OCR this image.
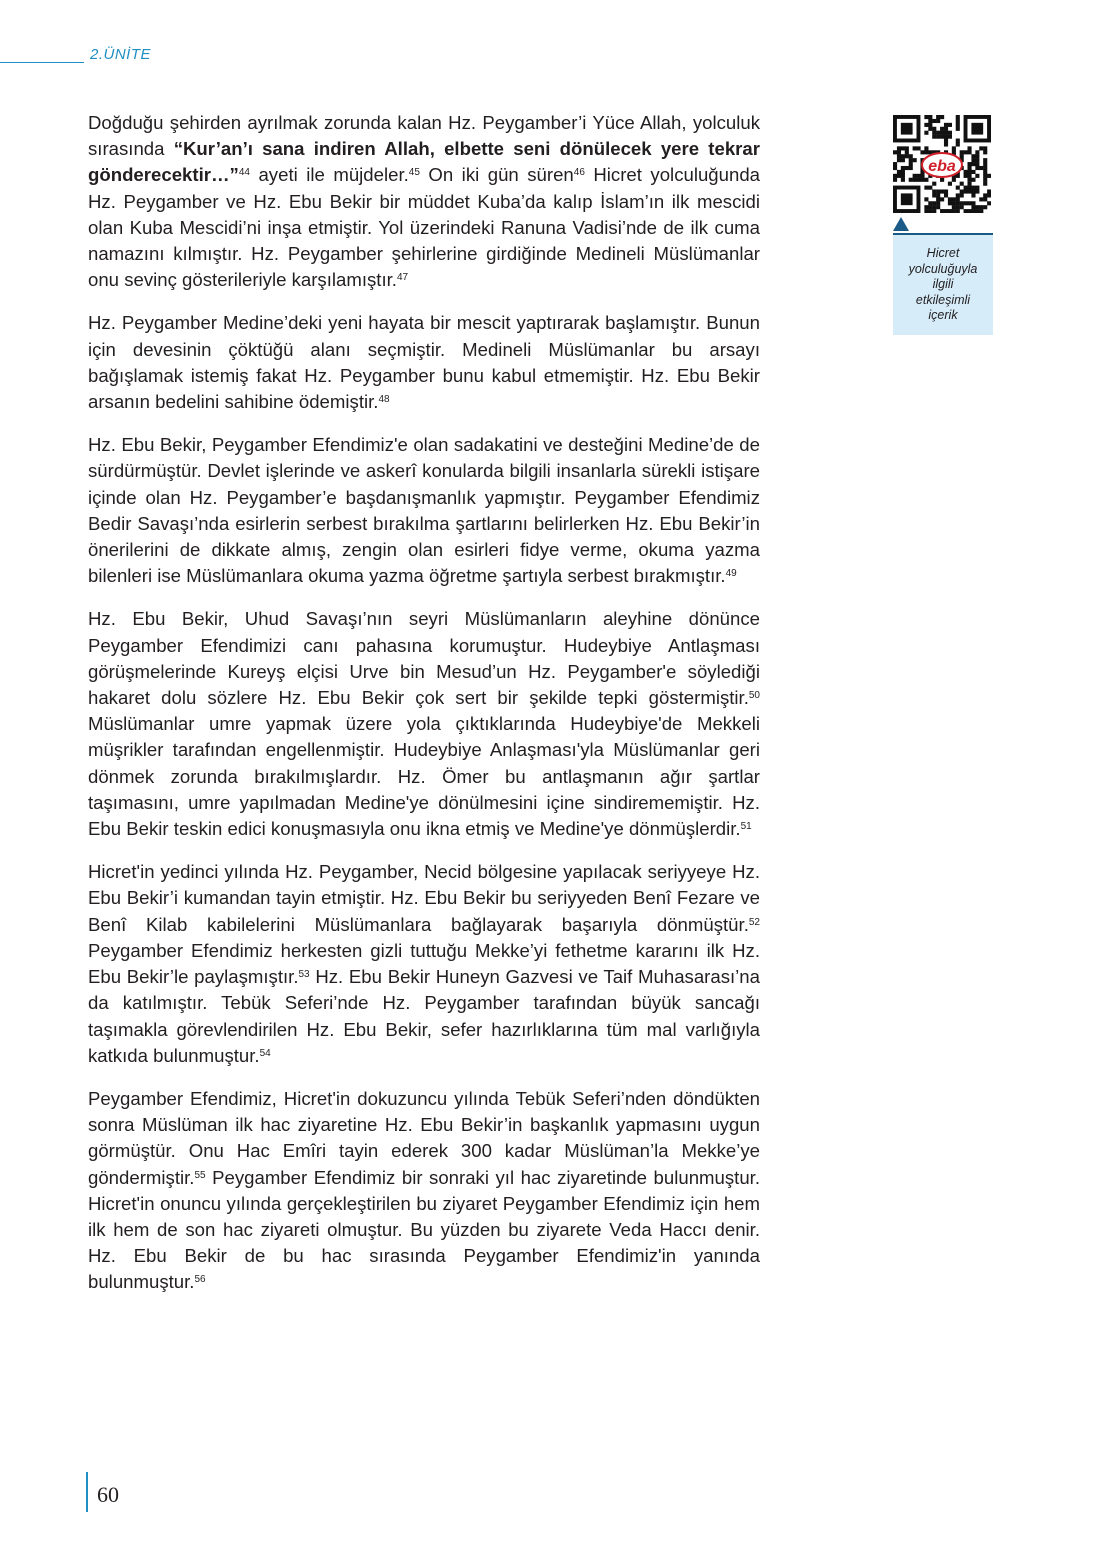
2.ÜNİTE

Doğduğu şehirden ayrılmak zorunda kalan Hz. Peygamber’i Yüce Allah, yolculuk sırasında “Kur’an’ı sana indiren Allah, elbette seni dönülecek yere tekrar gönderecektir…”$^{44}$ ayeti ile müjdeler.$^{45}$ On iki gün süren$^{46}$ Hicret yolculuğunda Hz. Peygamber ve Hz. Ebu Bekir bir müddet Kuba’da kalıp İslam’ın ilk mescidi olan Kuba Mescidi’ni inşa etmiştir. Yol üzerindeki Ranuna Vadisi’nde de ilk cuma namazını kılmıştır. Hz. Peygamber şehirlerine girdiğinde Medineli Müslümanlar onu sevinç gösterileriyle karşılamıştır.$^{47}$

Hz. Peygamber Medine’deki yeni hayata bir mescit yaptırarak başlamıştır. Bunun için devesinin çöktüğü alanı seçmiştir. Medineli Müslümanlar bu arsayı bağışlamak istemiş fakat Hz. Peygamber bunu kabul etmemiştir. Hz. Ebu Bekir arsanın bedelini sahibine ödemiştir.$^{48}$

Hz. Ebu Bekir, Peygamber Efendimiz'e olan sadakatini ve desteğini Medine’de de sürdürmüştür. Devlet işlerinde ve askerî konularda bilgili insanlarla sürekli istişare içinde olan Hz. Peygamber’e başdanışmanlık yapmıştır. Peygamber Efendimiz Bedir Savaşı’nda esirlerin serbest bırakılma şartlarını belirlerken Hz. Ebu Bekir’in önerilerini de dikkate almış, zengin olan esirleri fidye verme, okuma yazma bilenleri ise Müslümanlara okuma yazma öğretme şartıyla serbest bırakmıştır.$^{49}$

Hz. Ebu Bekir, Uhud Savaşı’nın seyri Müslümanların aleyhine dönünce Peygamber Efendimizi canı pahasına korumuştur. Hudeybiye Antlaşması görüşmelerinde Kureyş elçisi Urve bin Mesud’un Hz. Peygamber'e söylediği hakaret dolu sözlere Hz. Ebu Bekir çok sert bir şekilde tepki göstermiştir.$^{50}$ Müslümanlar umre yapmak üzere yola çıktıklarında Hudeybiye'de Mekkeli müşrikler tarafından engellenmiştir. Hudeybiye Anlaşması'yla Müslümanlar geri dönmek zorunda bırakılmışlardır. Hz. Ömer bu antlaşmanın ağır şartlar taşımasını, umre yapılmadan Medine'ye dönülmesini içine sindirememiştir. Hz. Ebu Bekir teskin edici konuşmasıyla onu ikna etmiş ve Medine'ye dönmüşlerdir.$^{51}$

Hicret'in yedinci yılında Hz. Peygamber, Necid bölgesine yapılacak seriyyeye Hz. Ebu Bekir’i kumandan tayin etmiştir. Hz. Ebu Bekir bu seriyyeden Benî Fezare ve Benî Kilab kabilelerini Müslümanlara bağlayarak başarıyla dönmüştür.$^{52}$ Peygamber Efendimiz herkesten gizli tuttuğu Mekke’yi fethetme kararını ilk Hz. Ebu Bekir’le paylaşmıştır.$^{53}$ Hz. Ebu Bekir Huneyn Gazvesi ve Taif Muhasarası’na da katılmıştır. Tebük Seferi’nde Hz. Peygamber tarafından büyük sancağı taşımakla görevlendirilen Hz. Ebu Bekir, sefer hazırlıklarına tüm mal varlığıyla katkıda bulunmuştur.$^{54}$

Peygamber Efendimiz, Hicret'in dokuzuncu yılında Tebük Seferi’nden döndükten sonra Müslüman ilk hac ziyaretine Hz. Ebu Bekir’in başkanlık yapmasını uygun görmüştür. Onu Hac Emîri tayin ederek 300 kadar Müslüman’la Mekke’ye göndermiştir.$^{55}$ Peygamber Efendimiz bir sonraki yıl hac ziyaretinde bulunmuştur. Hicret'in onuncu yılında gerçekleştirilen bu ziyaret Peygamber Efendimiz için hem ilk hem de son hac ziyareti olmuştur. Bu yüzden bu ziyarete Veda Haccı denir. Hz. Ebu Bekir de bu hac sırasında Peygamber Efendimiz'in yanında bulunmuştur.$^{56}$

eba
Hicret
yolculuğuyla
ilgili
etkileşimli
içerik
60
